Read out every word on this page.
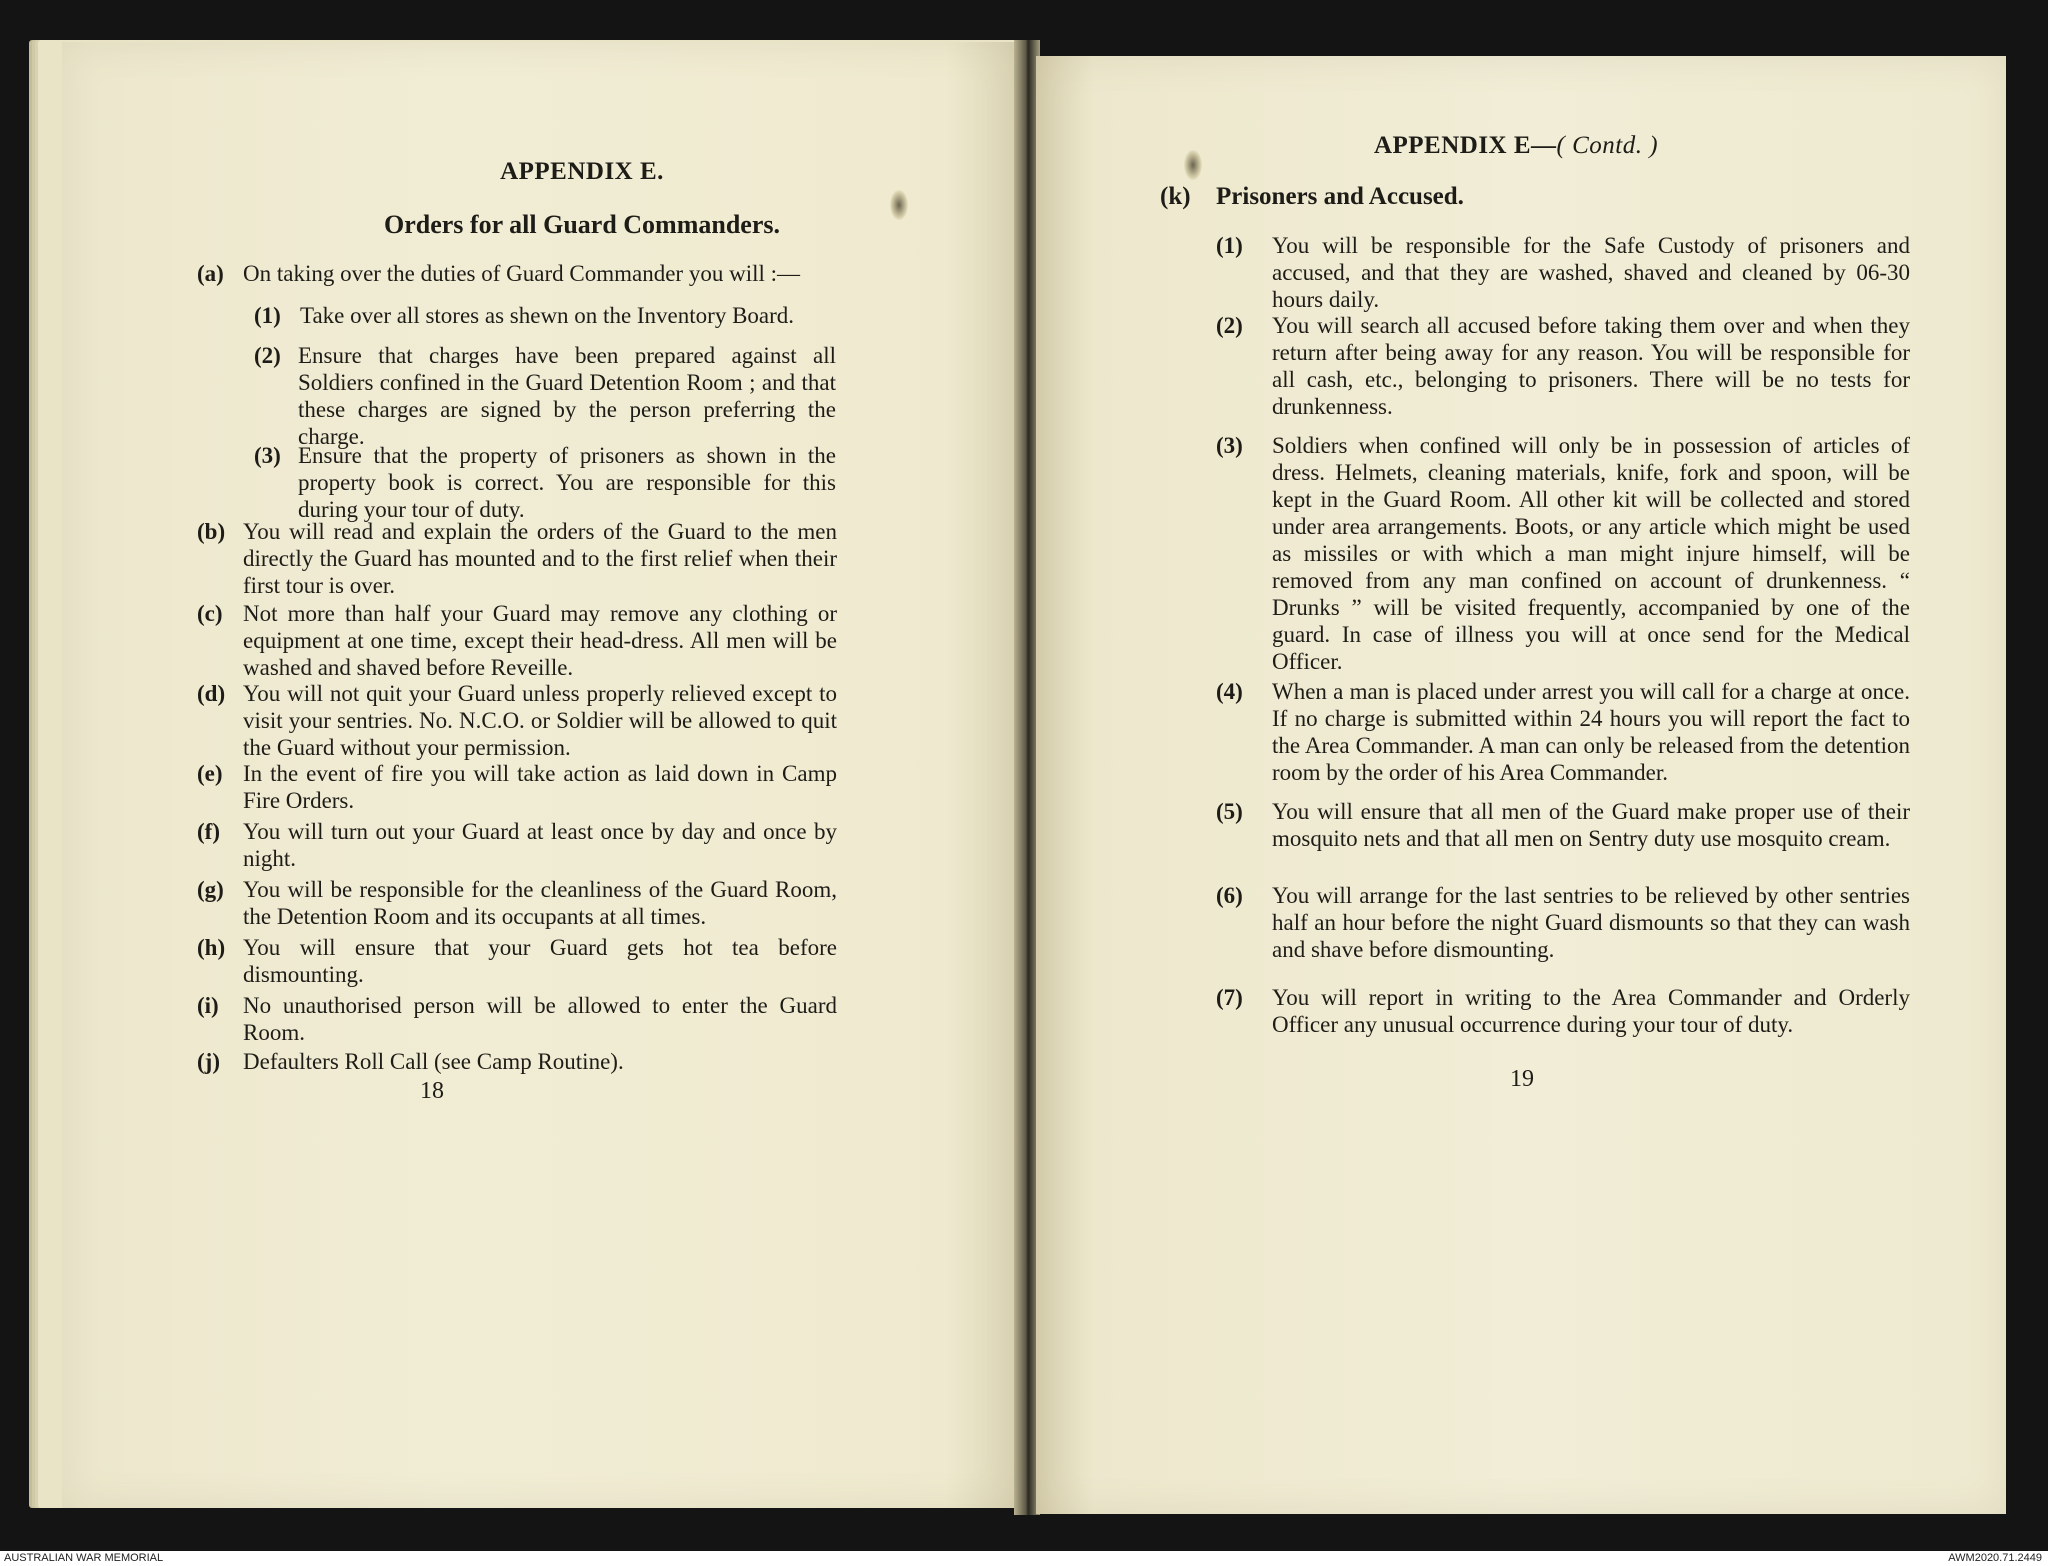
APPENDIX E.
Orders for all Guard Commanders.
(a) On taking over the duties of Guard Commander you will :—
(1) Take over all stores as shewn on the Inventory Board.
(2) Ensure that charges have been prepared against all Soldiers confined in the Guard Detention Room ; and that these charges are signed by the person preferring the charge.
(3) Ensure that the property of prisoners as shown in the property book is correct. You are responsible for this during your tour of duty.
(b) You will read and explain the orders of the Guard to the men directly the Guard has mounted and to the first relief when their first tour is over.
(c) Not more than half your Guard may remove any clothing or equipment at one time, except their head-dress. All men will be washed and shaved before Reveille.
(d) You will not quit your Guard unless properly relieved except to visit your sentries. No. N.C.O. or Soldier will be allowed to quit the Guard without your permission.
(e) In the event of fire you will take action as laid down in Camp Fire Orders.
(f)	You will turn out your Guard at least once by day and once by night.
(g) You will be responsible for the cleanliness of the Guard Room, the Detention Room and its occupants at all times.
(h) You will ensure that your Guard gets hot tea before dismounting.
(i)	No unauthorised person will be allowed to enter the Guard Room.
(j)	Defaulters Roll Call (see Camp Routine).
18
APPENDIX E—( Contd. )
(k)	Prisoners and Accused.
(1)	You will be responsible for the Safe Custody of prisoners and accused, and that they are washed, shaved and cleaned by 06-30 hours daily.
(2)	You will search all accused before taking them over and when they return after being away for any reason. You will be responsible for all cash, etc., belonging to prisoners. There will be no tests for drunkenness.
(3)	Soldiers when confined will only be in possession of articles of dress. Helmets, cleaning materials, knife, fork and spoon, will be kept in the Guard Room. All other kit will be collected and stored under area arrangements. Boots, or any article which might be used as missiles or with which a man might injure himself, will be removed from any man confined on account of drunkenness. “ Drunks ” will be visited frequently, accompanied by one of the guard. In case of illness you will at once send for the Medical Officer.
(4)	When a man is placed under arrest you will call for a charge at once. If no charge is submitted within 24 hours you will report the fact to the Area Commander. A man can only be released from the detention room by the order of his Area Commander.
(5)	You will ensure that all men of the Guard make proper use of their mosquito nets and that all men on Sentry duty use mosquito cream.
(6)	You will arrange for the last sentries to be relieved by other sentries half an hour before the night Guard dismounts so that they can wash and shave before dismounting.
(7)	You will report in writing to the Area Commander and Orderly Officer any unusual occurrence during your tour of duty.
19
AUSTRALIAN WAR MEMORIAL	AWM2020.71.2449
